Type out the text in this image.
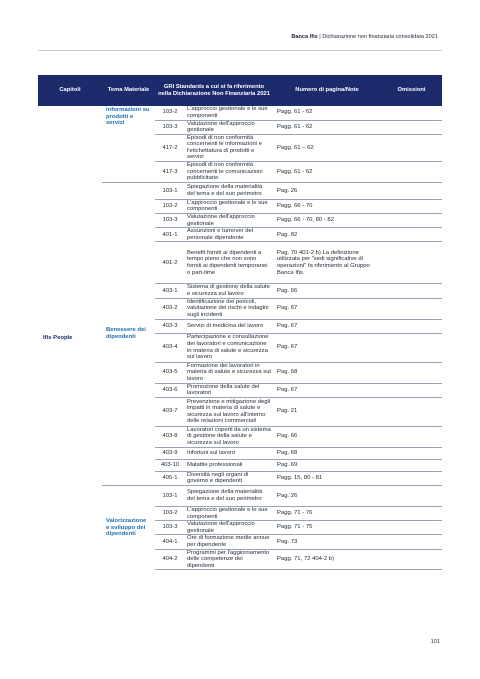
Banca Ifis | Dichiarazione non finanziaria consolidata 2021
Capitoli	Tema Materiale	GRI Standards a cui si fa riferimento nella Dichiarazione Non Finanziaria 2021		Numero di pagina/Note	Omissioni
Ifis People	informazioni su prodotti e servizi	103-2	L'approccio gestionale e le sue componenti	Pagg. 61 - 62	
		103-3	Valutazione dell'approccio gestionale	Pagg. 61 - 62	
		417-2	Episodi di non conformità concernenti le informazioni e l'etichettatura di prodotti e servizi	Pagg. 61 – 62	
		417-3	Episodi di non conformità concernenti le comunicazioni pubblicitarie	Pagg. 61 - 62	
	Benessere dei dipendenti	103-1	Spiegazione della materialità del tema e del suo perimetro	Pag. 26	
		103-2	L'approccio gestionale e le sue componenti	Pagg. 66 - 70	
		103-3	Valutazione dell'approccio gestionale	Pagg. 66 - 70, 80 - 82	
		401-1	Assunzioni e turnover del personale dipendente	Pag. 82	
		401-2	Benefit forniti ai dipendenti a tempo pieno che non sono forniti ai dipendenti temporanei o part-time	Pag. 70 401-2 b) La definizione utilizzata per "sedi significative di operazioni" fa riferimento al Gruppo Banca Ifis.	
		403-1	Sistema di gestione della salute e sicurezza sul lavoro	Pag. 66	
		403-2	Identificazione dei pericoli, valutazione dei rischi e indagini sugli incidenti	Pag. 67	
		403-3	Servizi di medicina del lavoro	Pag. 67	
		403-4	Partecipazione e consultazione dei lavoratori e comunicazione in materia di salute e sicurezza sul lavoro	Pag. 67	
		403-5	Formazione dei lavoratori in materia di salute e sicurezza sul lavoro	Pag. 68	
		403-6	Promozione della salute dei lavoratori	Pag. 67	
		403-7	Prevenzione e mitigazione degli impatti in materia di salute e sicurezza sul lavoro all'interno delle relazioni commerciali	Pag. 21	
		403-8	Lavoratori coperti da un sistema di gestione della salute e sicurezza sul lavoro	Pag. 66	
		403-9	Infortuni sul lavoro	Pag. 68	
		403-10	Malattie professionali	Pag. 69	
		405-1	Diversità negli organi di governo e dipendenti	Pagg. 15, 80 - 81	
	Valorizzazione e sviluppo dei dipendenti	103-1	Spiegazione della materialità del tema e del suo perimetro	Pag. 26	
		103-2	L'approccio gestionale e le sue componenti	Pagg. 71 - 76	
		103-3	Valutazione dell'approccio gestionale	Pagg. 71 - 75	
		404-1	Ore di formazione medie annue per dipendente	Pag. 73	
		404-2	Programmi per l'aggiornamento delle competenze dei dipendenti	Pagg. 71, 72 404-2 b)	
101
